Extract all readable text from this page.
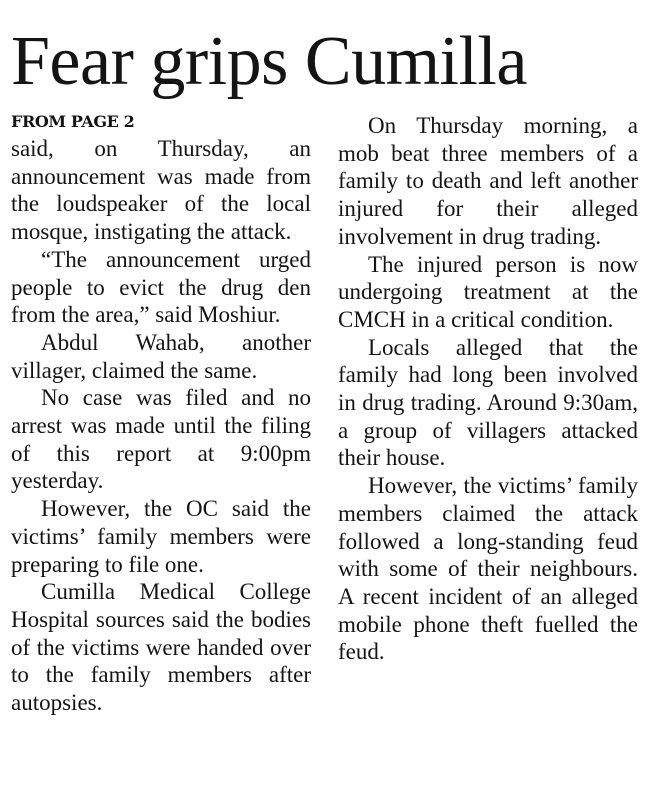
Fear grips Cumilla
FROM PAGE 2

said, on Thursday, an announcement was made from the loudspeaker of the local mosque, instigating the attack.

“The announcement urged people to evict the drug den from the area,” said Moshiur.

Abdul Wahab, another villager, claimed the same.

No case was filed and no arrest was made until the filing of this report at 9:00pm yesterday.

However, the OC said the victims’ family members were preparing to file one.

Cumilla Medical College Hospital sources said the bodies of the victims were handed over to the family members after autopsies.

On Thursday morning, a mob beat three members of a family to death and left another injured for their alleged involvement in drug trading.

The injured person is now undergoing treatment at the CMCH in a critical condition.

Locals alleged that the family had long been involved in drug trading. Around 9:30am, a group of villagers attacked their house.

However, the victims’ family members claimed the attack followed a long-standing feud with some of their neighbours. A recent incident of an alleged mobile phone theft fuelled the feud.
